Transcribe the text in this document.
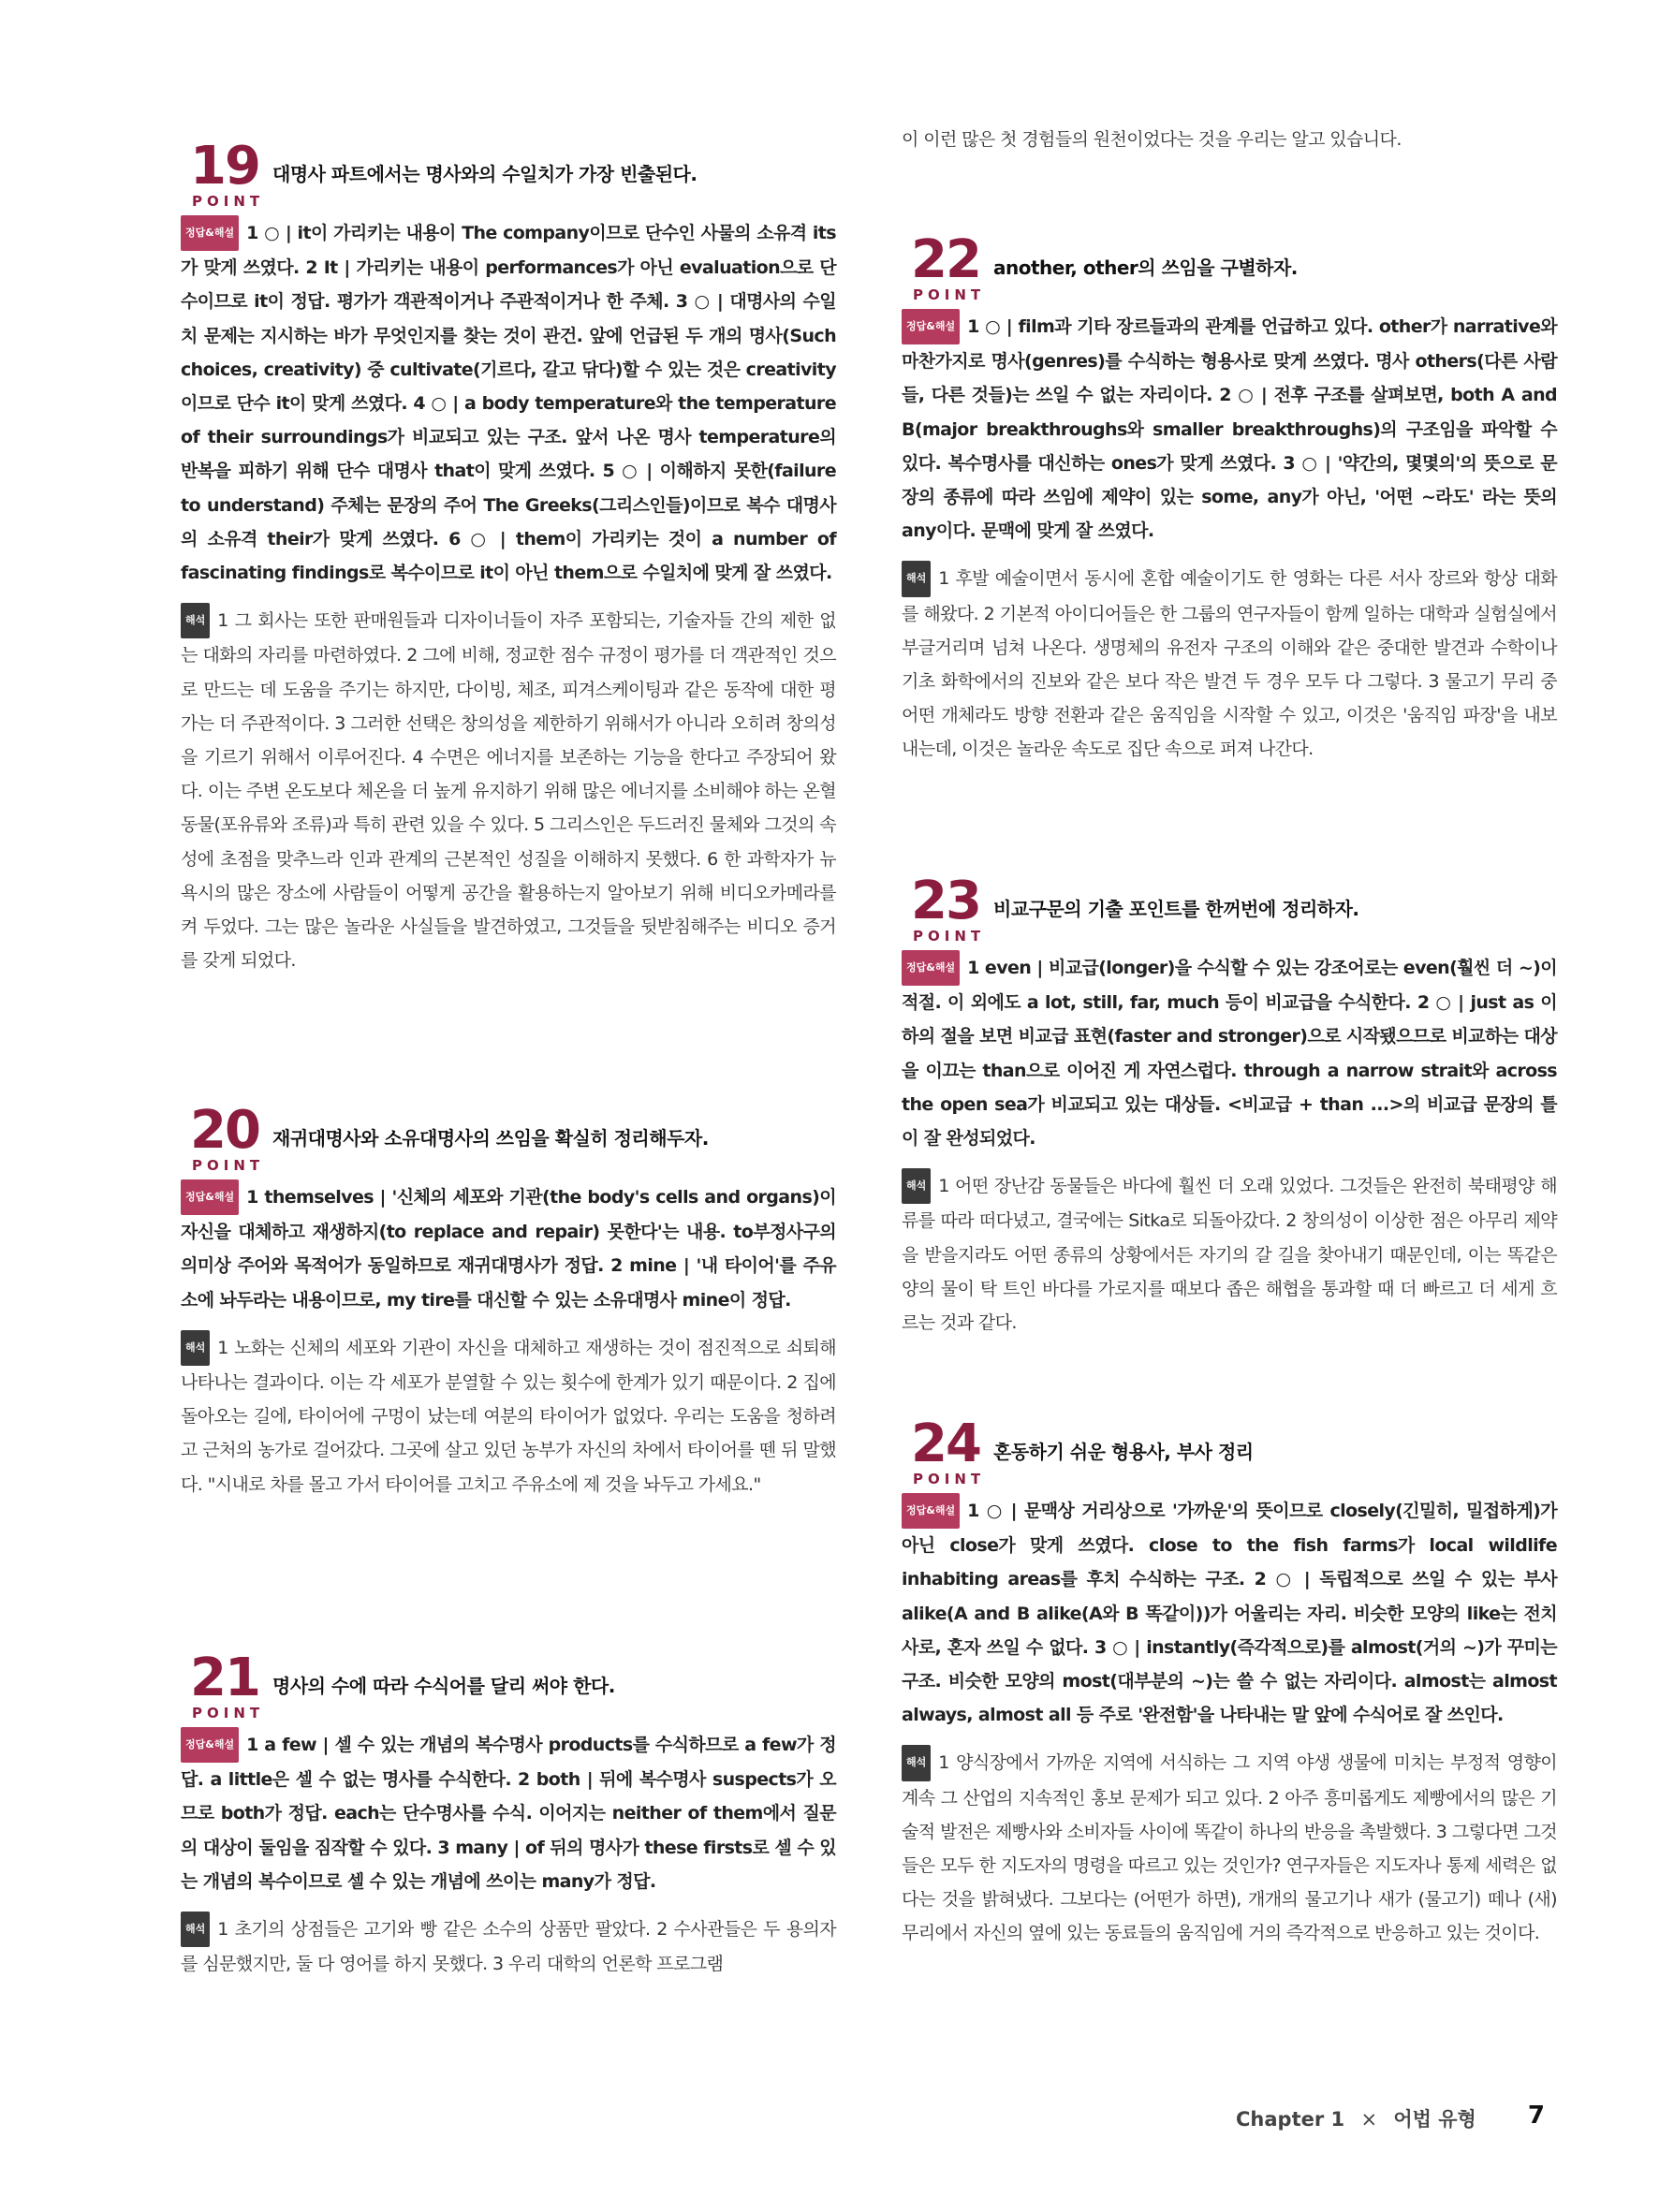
19
POINT
대명사 파트에서는 명사와의 수일치가 가장 빈출된다.

정답&해설 1 ○ | it이 가리키는 내용이 The company이므로 단수인 사물의 소유격 its가 맞게 쓰였다. 2 It | 가리키는 내용이 performances가 아닌 evaluation으로 단수이므로 it이 정답. 평가가 객관적이거나 주관적이거나 한 주체. 3 ○ | 대명사의 수일치 문제는 지시하는 바가 무엇인지를 찾는 것이 관건. 앞에 언급된 두 개의 명사(Such choices, creativity) 중 cultivate(기르다, 갈고 닦다)할 수 있는 것은 creativity이므로 단수 it이 맞게 쓰였다. 4 ○ | a body temperature와 the temperature of their surroundings가 비교되고 있는 구조. 앞서 나온 명사 temperature의 반복을 피하기 위해 단수 대명사 that이 맞게 쓰였다. 5 ○ | 이해하지 못한(failure to understand) 주체는 문장의 주어 The Greeks(그리스인들)이므로 복수 대명사의 소유격 their가 맞게 쓰였다. 6 ○ | them이 가리키는 것이 a number of fascinating findings로 복수이므로 it이 아닌 them으로 수일치에 맞게 잘 쓰였다.

해석 1 그 회사는 또한 판매원들과 디자이너들이 자주 포함되는, 기술자들 간의 제한 없는 대화의 자리를 마련하였다. 2 그에 비해, 정교한 점수 규정이 평가를 더 객관적인 것으로 만드는 데 도움을 주기는 하지만, 다이빙, 체조, 피겨스케이팅과 같은 동작에 대한 평가는 더 주관적이다. 3 그러한 선택은 창의성을 제한하기 위해서가 아니라 오히려 창의성을 기르기 위해서 이루어진다. 4 수면은 에너지를 보존하는 기능을 한다고 주장되어 왔다. 이는 주변 온도보다 체온을 더 높게 유지하기 위해 많은 에너지를 소비해야 하는 온혈동물(포유류와 조류)과 특히 관련 있을 수 있다. 5 그리스인은 두드러진 물체와 그것의 속성에 초점을 맞추느라 인과 관계의 근본적인 성질을 이해하지 못했다. 6 한 과학자가 뉴욕시의 많은 장소에 사람들이 어떻게 공간을 활용하는지 알아보기 위해 비디오카메라를 켜 두었다. 그는 많은 놀라운 사실들을 발견하였고, 그것들을 뒷받침해주는 비디오 증거를 갖게 되었다.

20
POINT
재귀대명사와 소유대명사의 쓰임을 확실히 정리해두자.

정답&해설 1 themselves | '신체의 세포와 기관(the body's cells and organs)이 자신을 대체하고 재생하지(to replace and repair) 못한다'는 내용. to부정사구의 의미상 주어와 목적어가 동일하므로 재귀대명사가 정답. 2 mine | '내 타이어'를 주유소에 놔두라는 내용이므로, my tire를 대신할 수 있는 소유대명사 mine이 정답.

해석 1 노화는 신체의 세포와 기관이 자신을 대체하고 재생하는 것이 점진적으로 쇠퇴해 나타나는 결과이다. 이는 각 세포가 분열할 수 있는 횟수에 한계가 있기 때문이다. 2 집에 돌아오는 길에, 타이어에 구멍이 났는데 여분의 타이어가 없었다. 우리는 도움을 청하려고 근처의 농가로 걸어갔다. 그곳에 살고 있던 농부가 자신의 차에서 타이어를 뗀 뒤 말했다. "시내로 차를 몰고 가서 타이어를 고치고 주유소에 제 것을 놔두고 가세요."

21
POINT
명사의 수에 따라 수식어를 달리 써야 한다.

정답&해설 1 a few | 셀 수 있는 개념의 복수명사 products를 수식하므로 a few가 정답. a little은 셀 수 없는 명사를 수식한다. 2 both | 뒤에 복수명사 suspects가 오므로 both가 정답. each는 단수명사를 수식. 이어지는 neither of them에서 질문의 대상이 둘임을 짐작할 수 있다. 3 many | of 뒤의 명사가 these firsts로 셀 수 있는 개념의 복수이므로 셀 수 있는 개념에 쓰이는 many가 정답.

해석 1 초기의 상점들은 고기와 빵 같은 소수의 상품만 팔았다. 2 수사관들은 두 용의자를 심문했지만, 둘 다 영어를 하지 못했다. 3 우리 대학의 언론학 프로그램

이 이런 많은 첫 경험들의 원천이었다는 것을 우리는 알고 있습니다.
22
POINT
another, other의 쓰임을 구별하자.

정답&해설 1 ○ | film과 기타 장르들과의 관계를 언급하고 있다. other가 narrative와 마찬가지로 명사(genres)를 수식하는 형용사로 맞게 쓰였다. 명사 others(다른 사람들, 다른 것들)는 쓰일 수 없는 자리이다. 2 ○ | 전후 구조를 살펴보면, both A and B(major breakthroughs와 smaller breakthroughs)의 구조임을 파악할 수 있다. 복수명사를 대신하는 ones가 맞게 쓰였다. 3 ○ | '약간의, 몇몇의'의 뜻으로 문장의 종류에 따라 쓰임에 제약이 있는 some, any가 아닌, '어떤 ~라도' 라는 뜻의 any이다. 문맥에 맞게 잘 쓰였다.

해석 1 후발 예술이면서 동시에 혼합 예술이기도 한 영화는 다른 서사 장르와 항상 대화를 해왔다. 2 기본적 아이디어들은 한 그룹의 연구자들이 함께 일하는 대학과 실험실에서 부글거리며 넘쳐 나온다. 생명체의 유전자 구조의 이해와 같은 중대한 발견과 수학이나 기초 화학에서의 진보와 같은 보다 작은 발견 두 경우 모두 다 그렇다. 3 물고기 무리 중 어떤 개체라도 방향 전환과 같은 움직임을 시작할 수 있고, 이것은 '움직임 파장'을 내보내는데, 이것은 놀라운 속도로 집단 속으로 퍼져 나간다.

23
POINT
비교구문의 기출 포인트를 한꺼번에 정리하자.

정답&해설 1 even | 비교급(longer)을 수식할 수 있는 강조어로는 even(훨씬 더 ~)이 적절. 이 외에도 a lot, still, far, much 등이 비교급을 수식한다. 2 ○ | just as 이하의 절을 보면 비교급 표현(faster and stronger)으로 시작됐으므로 비교하는 대상을 이끄는 than으로 이어진 게 자연스럽다. through a narrow strait와 across the open sea가 비교되고 있는 대상들. <비교급 + than ...>의 비교급 문장의 틀이 잘 완성되었다.

해석 1 어떤 장난감 동물들은 바다에 훨씬 더 오래 있었다. 그것들은 완전히 북태평양 해류를 따라 떠다녔고, 결국에는 Sitka로 되돌아갔다. 2 창의성이 이상한 점은 아무리 제약을 받을지라도 어떤 종류의 상황에서든 자기의 갈 길을 찾아내기 때문인데, 이는 똑같은 양의 물이 탁 트인 바다를 가로지를 때보다 좁은 해협을 통과할 때 더 빠르고 더 세게 흐르는 것과 같다.

24
POINT
혼동하기 쉬운 형용사, 부사 정리

정답&해설 1 ○ | 문맥상 거리상으로 '가까운'의 뜻이므로 closely(긴밀히, 밀접하게)가 아닌 close가 맞게 쓰였다. close to the fish farms가 local wildlife inhabiting areas를 후치 수식하는 구조. 2 ○ | 독립적으로 쓰일 수 있는 부사 alike(A and B alike(A와 B 똑같이))가 어울리는 자리. 비슷한 모양의 like는 전치사로, 혼자 쓰일 수 없다. 3 ○ | instantly(즉각적으로)를 almost(거의 ~)가 꾸미는 구조. 비슷한 모양의 most(대부분의 ~)는 쓸 수 없는 자리이다. almost는 almost always, almost all 등 주로 '완전함'을 나타내는 말 앞에 수식어로 잘 쓰인다.

해석 1 양식장에서 가까운 지역에 서식하는 그 지역 야생 생물에 미치는 부정적 영향이 계속 그 산업의 지속적인 홍보 문제가 되고 있다. 2 아주 흥미롭게도 제빵에서의 많은 기술적 발전은 제빵사와 소비자들 사이에 똑같이 하나의 반응을 촉발했다. 3 그렇다면 그것들은 모두 한 지도자의 명령을 따르고 있는 것인가? 연구자들은 지도자나 통제 세력은 없다는 것을 밝혀냈다. 그보다는 (어떤가 하면), 개개의 물고기나 새가 (물고기) 떼나 (새) 무리에서 자신의 옆에 있는 동료들의 움직임에 거의 즉각적으로 반응하고 있는 것이다.

Chapter 1 × 어법 유형 7
